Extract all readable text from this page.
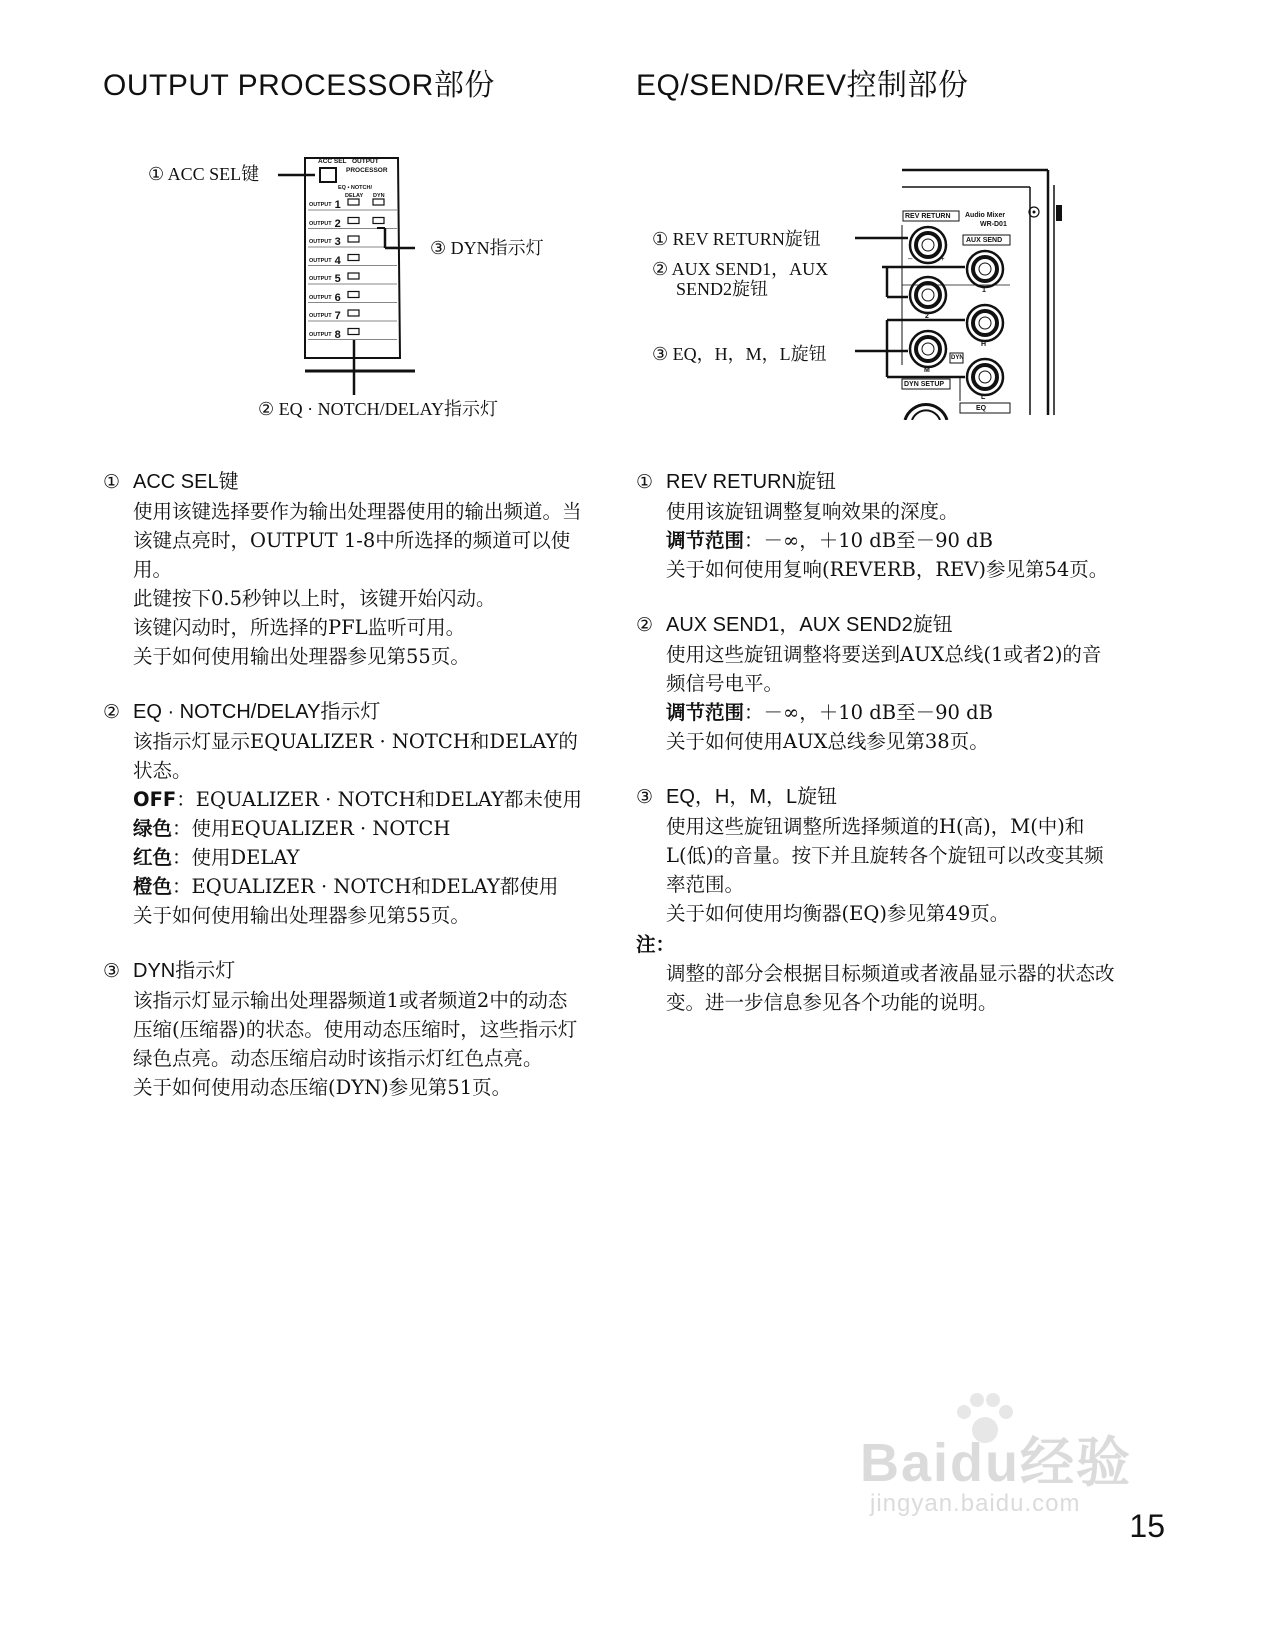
OUTPUT PROCESSOR部份	EQ/SEND/REV控制部份
① ACC SEL键
③ DYN指示灯
② EQ · NOTCH/DELAY指示灯
ACC SEL OUTPUT
PROCESSOR
EQ • NOTCH/
DELAY DYN
OUTPUT 1
OUTPUT 2
OUTPUT 3
OUTPUT 4
OUTPUT 5
OUTPUT 6
OUTPUT 7
OUTPUT 8
① REV RETURN旋钮
② AUX SEND1，AUX
SEND2旋钮
③ EQ，H，M，L旋钮
REV RETURN Audio Mixer
WR-D01
AUX SEND
1
2
H
M
L
DYN
DYN SETUP
EQ
–	+
① ACC SEL键

使用该键选择要作为输出处理器使用的输出频道。当该键点亮时，OUTPUT 1-8中所选择的频道可以使用。

此键按下0.5秒钟以上时，该键开始闪动。

该键闪动时，所选择的PFL监听可用。

关于如何使用输出处理器参见第55页。

② EQ · NOTCH/DELAY指示灯

该指示灯显示EQUALIZER · NOTCH和DELAY的状态。

OFF：EQUALIZER · NOTCH和DELAY都未使用

绿色：使用EQUALIZER · NOTCH

红色：使用DELAY

橙色：EQUALIZER · NOTCH和DELAY都使用

关于如何使用输出处理器参见第55页。

③ DYN指示灯

该指示灯显示输出处理器频道1或者频道2中的动态压缩(压缩器)的状态。使用动态压缩时，这些指示灯绿色点亮。动态压缩启动时该指示灯红色点亮。

关于如何使用动态压缩(DYN)参见第51页。

① REV RETURN旋钮

使用该旋钮调整复响效果的深度。

调节范围：－∞，＋10 dB至－90 dB

关于如何使用复响(REVERB，REV)参见第54页。

② AUX SEND1，AUX SEND2旋钮

使用这些旋钮调整将要送到AUX总线(1或者2)的音频信号电平。

调节范围：－∞，＋10 dB至－90 dB

关于如何使用AUX总线参见第38页。

③ EQ，H，M，L旋钮

使用这些旋钮调整所选择频道的H(高)，M(中)和L(低)的音量。按下并且旋转各个旋钮可以改变其频率范围。

关于如何使用均衡器(EQ)参见第49页。

注：

调整的部分会根据目标频道或者液晶显示器的状态改变。进一步信息参见各个功能的说明。

Baidu经验
jingyan.baidu.com
15
